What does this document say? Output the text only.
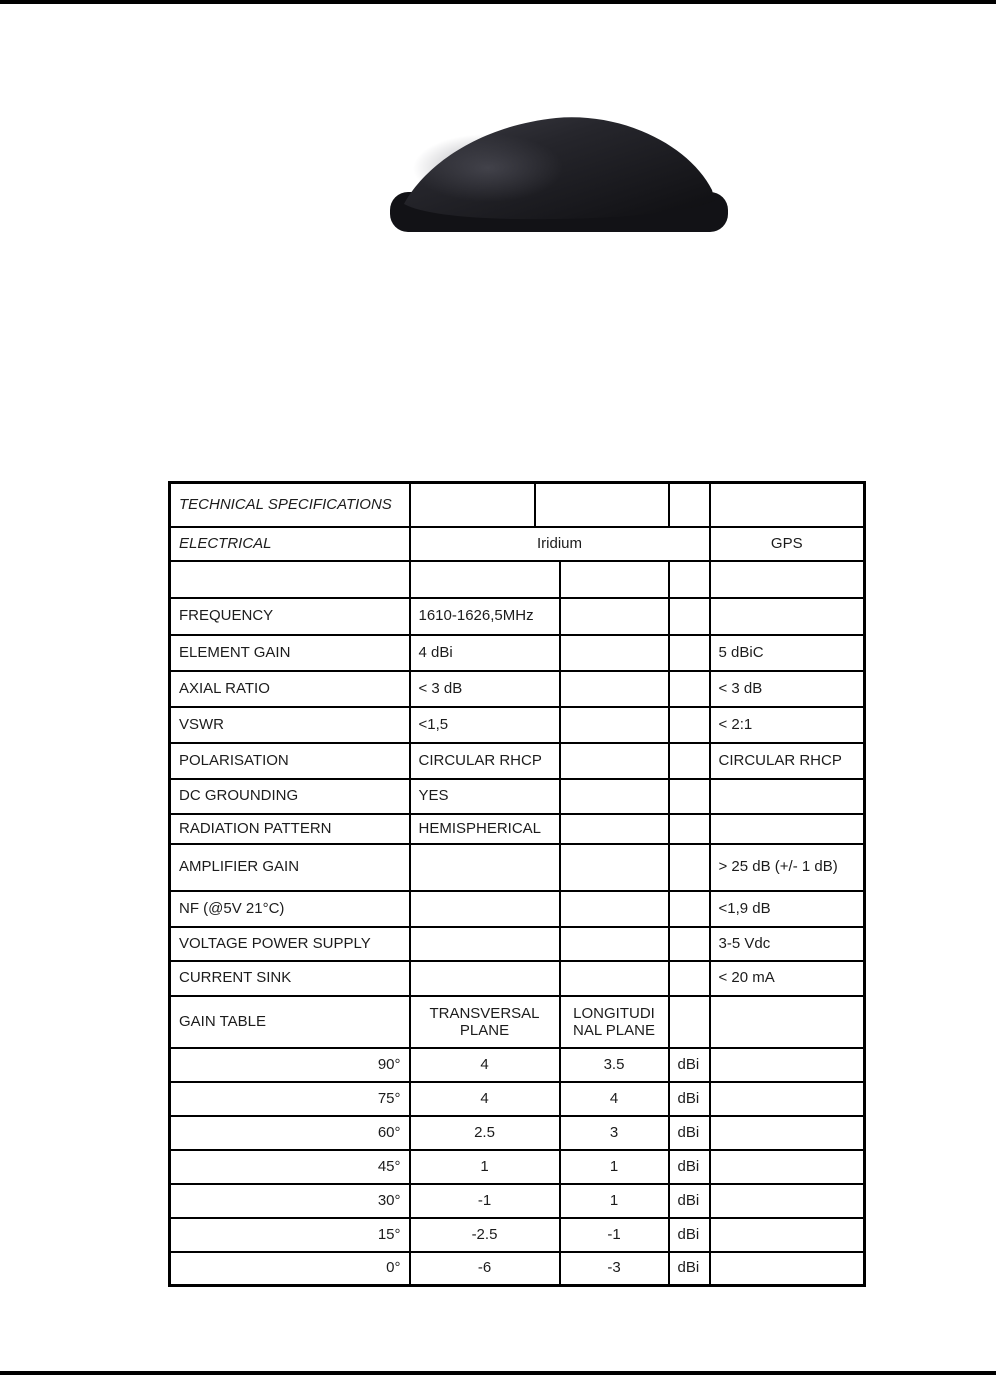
TECHNICAL SPECIFICATIONS					
ELECTRICAL	Iridium				GPS

FREQUENCY	1610-1626,5MHz				
ELEMENT GAIN	4 dBi				5 dBiC
AXIAL RATIO	< 3 dB				< 3 dB
VSWR	<1,5				< 2:1
POLARISATION	CIRCULAR RHCP				CIRCULAR RHCP
DC GROUNDING	YES				
RADIATION PATTERN	HEMISPHERICAL				
AMPLIFIER GAIN					> 25 dB (+/- 1 dB)
NF (@5V 21°C)					<1,9 dB
VOLTAGE POWER SUPPLY					3-5 Vdc
CURRENT SINK					< 20 mA
GAIN TABLE	TRANSVERSAL PLANE		LONGITUDINAL PLANE		
90°	4		3.5	dBi	
75°	4		4	dBi	
60°	2.5		3	dBi	
45°	1		1	dBi	
30°	-1		1	dBi	
15°	-2.5		-1	dBi	
0°	-6		-3	dBi	
